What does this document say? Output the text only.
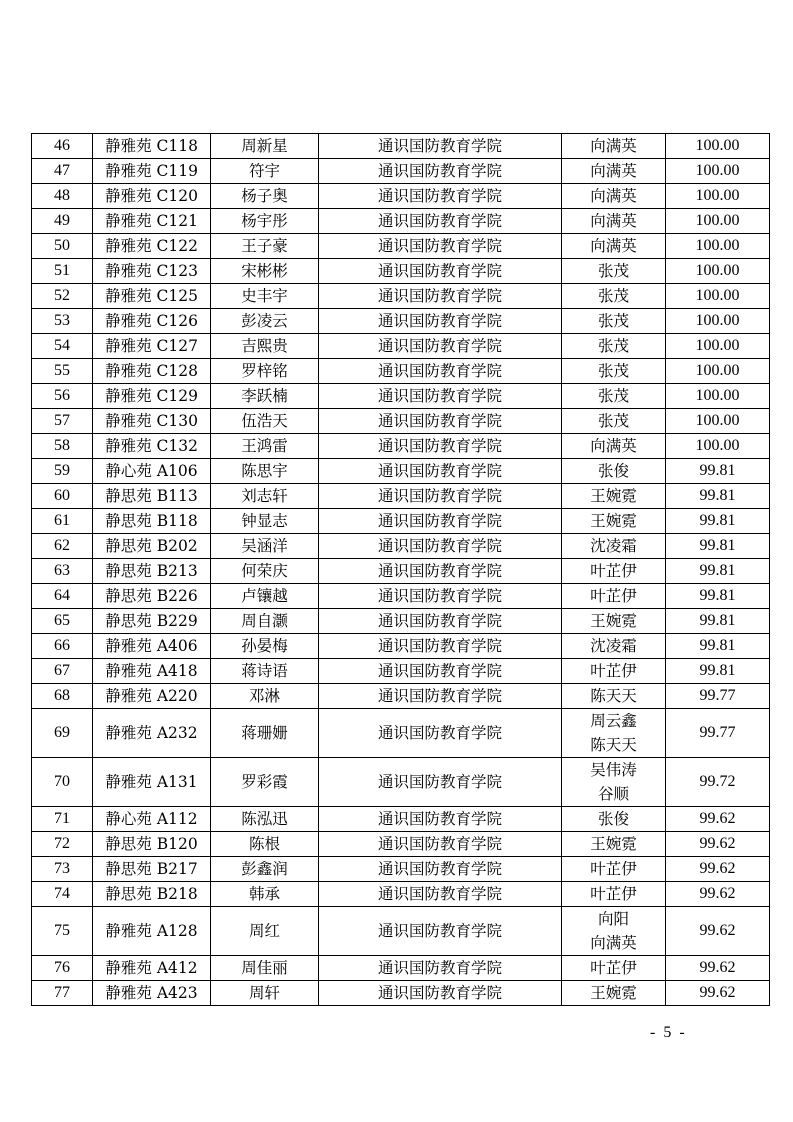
46	静雅苑 C118	周新星	通识国防教育学院	向满英	100.00
47	静雅苑 C119	符宇	通识国防教育学院	向满英	100.00
48	静雅苑 C120	杨子奥	通识国防教育学院	向满英	100.00
49	静雅苑 C121	杨宇彤	通识国防教育学院	向满英	100.00
50	静雅苑 C122	王子豪	通识国防教育学院	向满英	100.00
51	静雅苑 C123	宋彬彬	通识国防教育学院	张茂	100.00
52	静雅苑 C125	史丰宇	通识国防教育学院	张茂	100.00
53	静雅苑 C126	彭凌云	通识国防教育学院	张茂	100.00
54	静雅苑 C127	吉熙贵	通识国防教育学院	张茂	100.00
55	静雅苑 C128	罗梓铭	通识国防教育学院	张茂	100.00
56	静雅苑 C129	李跃楠	通识国防教育学院	张茂	100.00
57	静雅苑 C130	伍浩天	通识国防教育学院	张茂	100.00
58	静雅苑 C132	王鸿雷	通识国防教育学院	向满英	100.00
59	静心苑 A106	陈思宇	通识国防教育学院	张俊	99.81
60	静思苑 B113	刘志轩	通识国防教育学院	王婉霓	99.81
61	静思苑 B118	钟显志	通识国防教育学院	王婉霓	99.81
62	静思苑 B202	吴涵洋	通识国防教育学院	沈凌霜	99.81
63	静思苑 B213	何荣庆	通识国防教育学院	叶芷伊	99.81
64	静思苑 B226	卢镶越	通识国防教育学院	叶芷伊	99.81
65	静思苑 B229	周自灏	通识国防教育学院	王婉霓	99.81
66	静雅苑 A406	孙晏梅	通识国防教育学院	沈凌霜	99.81
67	静雅苑 A418	蒋诗语	通识国防教育学院	叶芷伊	99.81
68	静雅苑 A220	邓淋	通识国防教育学院	陈天天	99.77
69	静雅苑 A232	蒋珊姗	通识国防教育学院	周云鑫
陈天天	99.77
70	静雅苑 A131	罗彩霞	通识国防教育学院	吴伟涛
谷顺	99.72
71	静心苑 A112	陈泓迅	通识国防教育学院	张俊	99.62
72	静思苑 B120	陈根	通识国防教育学院	王婉霓	99.62
73	静思苑 B217	彭鑫润	通识国防教育学院	叶芷伊	99.62
74	静思苑 B218	韩承	通识国防教育学院	叶芷伊	99.62
75	静雅苑 A128	周红	通识国防教育学院	向阳
向满英	99.62
76	静雅苑 A412	周佳丽	通识国防教育学院	叶芷伊	99.62
77	静雅苑 A423	周轩	通识国防教育学院	王婉霓	99.62
- 5 -
